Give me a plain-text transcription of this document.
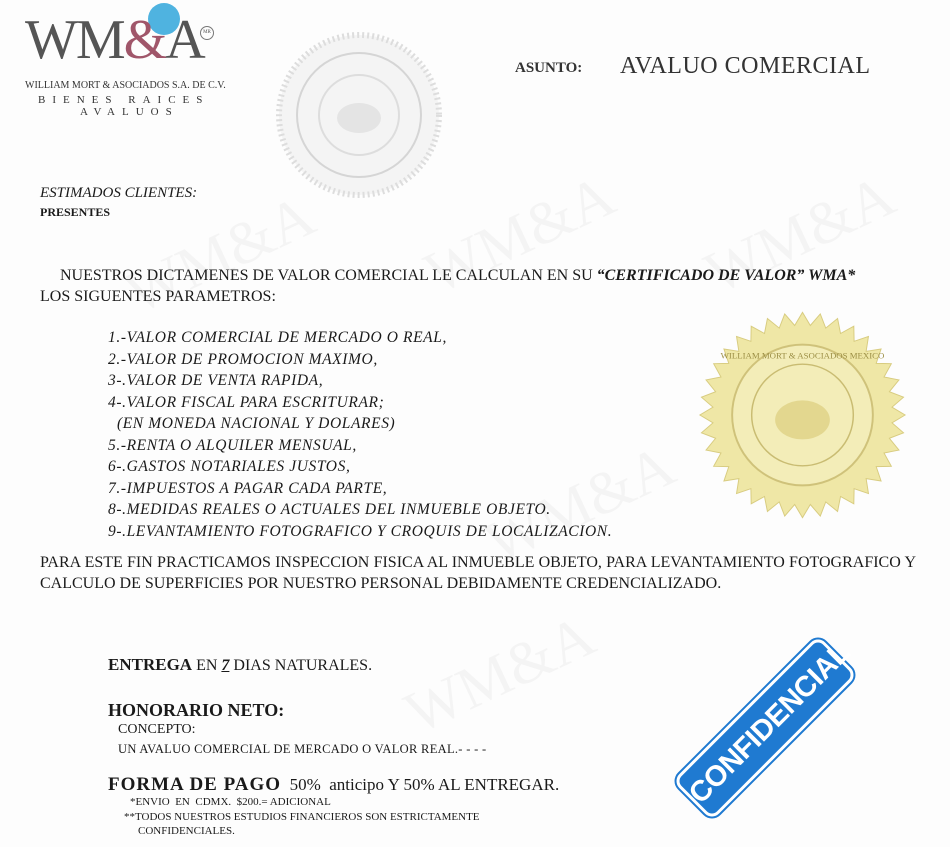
WM&A MR
WILLIAM MORT & ASOCIADOS S.A. DE C.V.
BIENES RAICES
AVALUOS
ASUNTO: AVALUO COMERCIAL
ESTIMADOS CLIENTES:
PRESENTES
NUESTROS DICTAMENES DE VALOR COMERCIAL LE CALCULAN EN SU “CERTIFICADO DE VALOR” WMA* LOS SIGUENTES PARAMETROS:
1.-VALOR COMERCIAL DE MERCADO O REAL,
2.-VALOR DE PROMOCION MAXIMO,
3-.VALOR DE VENTA RAPIDA,
4-.VALOR FISCAL PARA ESCRITURAR;
(EN MONEDA NACIONAL Y DOLARES)
5.-RENTA O ALQUILER MENSUAL,
6-.GASTOS NOTARIALES JUSTOS,
7.-IMPUESTOS A PAGAR CADA PARTE,
8-.MEDIDAS REALES O ACTUALES DEL INMUEBLE OBJETO.
9-.LEVANTAMIENTO FOTOGRAFICO Y CROQUIS DE LOCALIZACION.
WILLIAM MORT & ASOCIADOS MEXICO
PARA ESTE FIN PRACTICAMOS INSPECCION FISICA AL INMUEBLE OBJETO, PARA LEVANTAMIENTO FOTOGRAFICO Y CALCULO DE SUPERFICIES POR NUESTRO PERSONAL DEBIDAMENTE CREDENCIALIZADO.
ENTREGA EN 7 DIAS NATURALES.
HONORARIO NETO:
CONCEPTO:
UN AVALUO COMERCIAL DE MERCADO O VALOR REAL.- - - -
FORMA DE PAGO  50%  anticipo Y 50% AL ENTREGAR.
*ENVIO  EN  CDMX.  $200.= ADICIONAL
**TODOS NUESTROS ESTUDIOS FINANCIEROS SON ESTRICTAMENTE
CONFIDENCIALES.
CONFIDENCIAL
